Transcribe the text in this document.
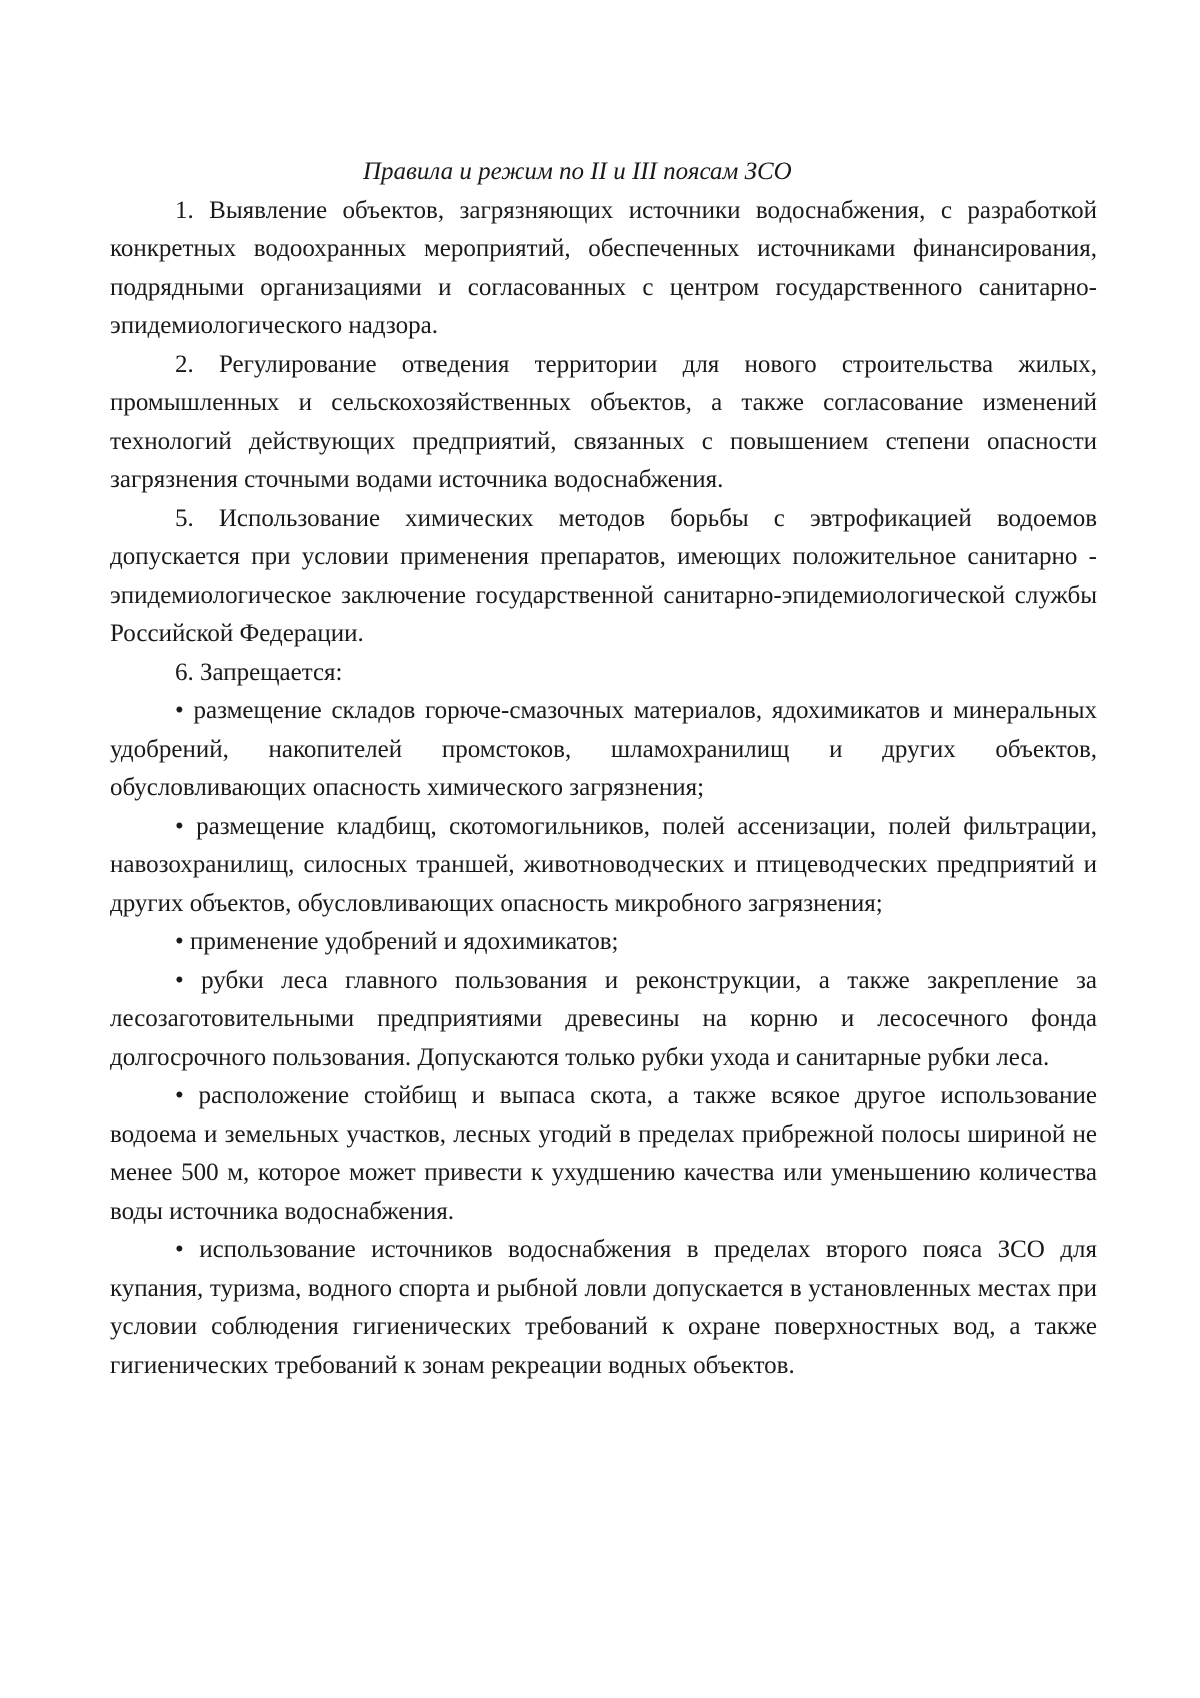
Правила и режим по II и III поясам ЗСО

1. Выявление объектов, загрязняющих источники водоснабжения, с разработкой конкретных водоохранных мероприятий, обеспеченных источниками финансирования, подрядными организациями и согласованных с центром государственного санитарно-эпидемиологического надзора.

2. Регулирование отведения территории для нового строительства жилых, промышленных и сельскохозяйственных объектов, а также согласование изменений технологий действующих предприятий, связанных с повышением степени опасности загрязнения сточными водами источника водоснабжения.

5. Использование химических методов борьбы с эвтрофикацией водоемов допускается при условии применения препаратов, имеющих положительное санитарно - эпидемиологическое заключение государственной санитарно-эпидемиологической службы Российской Федерации.

6. Запрещается:

• размещение складов горюче-смазочных материалов, ядохимикатов и минеральных удобрений, накопителей промстоков, шламохранилищ и других объектов, обусловливающих опасность химического загрязнения;

• размещение кладбищ, скотомогильников, полей ассенизации, полей фильтрации, навозохранилищ, силосных траншей, животноводческих и птицеводческих предприятий и других объектов, обусловливающих опасность микробного загрязнения;

• применение удобрений и ядохимикатов;

• рубки леса главного пользования и реконструкции, а также закрепление за лесозаготовительными предприятиями древесины на корню и лесосечного фонда долгосрочного пользования. Допускаются только рубки ухода и санитарные рубки леса.

• расположение стойбищ и выпаса скота, а также всякое другое использование водоема и земельных участков, лесных угодий в пределах прибрежной полосы шириной не менее 500 м, которое может привести к ухудшению качества или уменьшению количества воды источника водоснабжения.

• использование источников водоснабжения в пределах второго пояса ЗСО для купания, туризма, водного спорта и рыбной ловли допускается в установленных местах при условии соблюдения гигиенических требований к охране поверхностных вод, а также гигиенических требований к зонам рекреации водных объектов.
